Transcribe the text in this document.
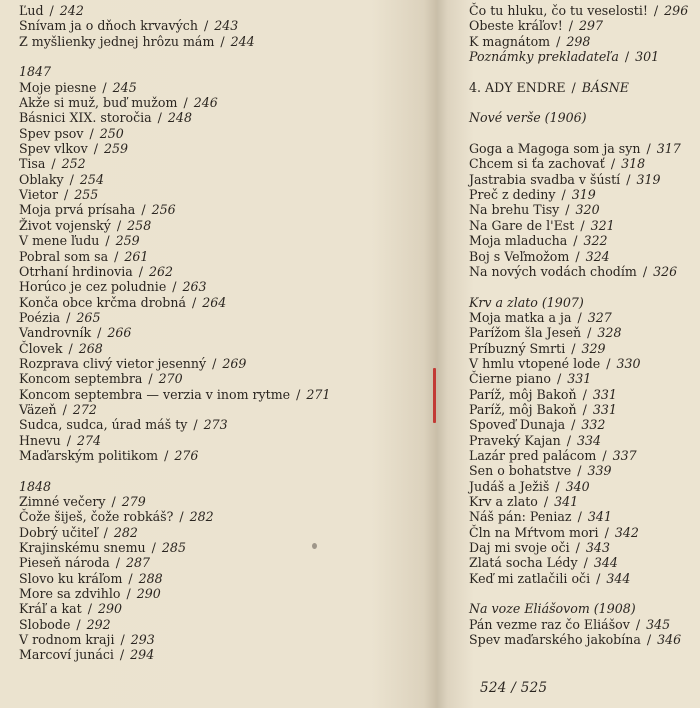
Ľud / 242
Snívam ja o dňoch krvavých / 243
Z myšlienky jednej hrôzu mám / 244
1847
Moje piesne / 245
Akže si muž, buď mužom / 246
Básnici XIX. storočia / 248
Spev psov / 250
Spev vlkov / 259
Tisa / 252
Oblaky / 254
Vietor / 255
Moja prvá prísaha / 256
Život vojenský / 258
V mene ľudu / 259
Pobral som sa / 261
Otrhaní hrdinovia / 262
Horúco je cez poludnie / 263
Konča obce krčma drobná / 264
Poézia / 265
Vandrovník / 266
Človek / 268
Rozprava clivý vietor jesenný / 269
Koncom septembra / 270
Koncom septembra — verzia v inom rytme / 271
Väzeň / 272
Sudca, sudca, úrad máš ty / 273
Hnevu / 274
Maďarským politikom / 276
1848
Zimné večery / 279
Čože šiješ, čože robkáš? / 282
Dobrý učiteľ / 282
Krajinskému snemu / 285
Pieseň národa / 287
Slovo ku kráľom / 288
More sa zdvihlo / 290
Kráľ a kat / 290
Slobode / 292
V rodnom kraji / 293
Marcoví junáci / 294
Čo tu hluku, čo tu veselosti! / 296
Obeste kráľov! / 297
K magnátom / 298
Poznámky prekladateľa / 301
4. ADY ENDRE / BÁSNE
Nové verše (1906)
Goga a Magoga som ja syn / 317
Chcem si ťa zachovať / 318
Jastrabia svadba v šústí / 319
Preč z dediny / 319
Na brehu Tisy / 320
Na Gare de l'Est / 321
Moja mladucha / 322
Boj s Veľmožom / 324
Na nových vodách chodím / 326
Krv a zlato (1907)
Moja matka a ja / 327
Parížom šla Jeseň / 328
Príbuzný Smrti / 329
V hmlu vtopené lode / 330
Čierne piano / 331
Paríž, môj Bakoň / 331
Paríž, môj Bakoň / 331
Spoveď Dunaja / 332
Praveký Kajan / 334
Lazár pred palácom / 337
Sen o bohatstve / 339
Judáš a Ježiš / 340
Krv a zlato / 341
Náš pán: Peniaz / 341
Čln na Mŕtvom mori / 342
Daj mi svoje oči / 343
Zlatá socha Lédy / 344
Keď mi zatlačili oči / 344
Na voze Eliášovom (1908)
Pán vezme raz čo Eliášov / 345
Spev maďarského jakobína / 346
524 / 525
